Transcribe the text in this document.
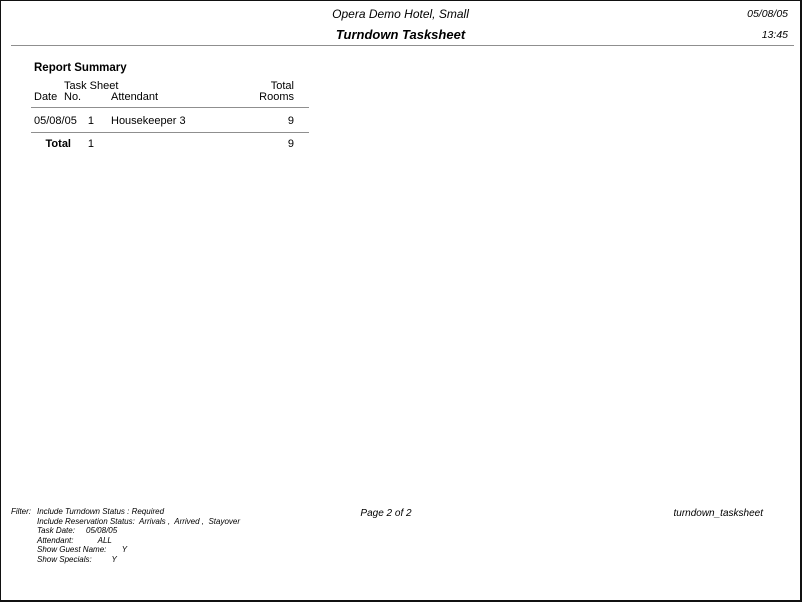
Opera Demo Hotel, Small	05/08/05
Turndown Tasksheet	13:45
Report Summary
Task Sheet	Total
Date No.	Attendant	Rooms
05/08/05	1 Housekeeper 3	9
Total	1	9
Filter: Include Turndown Status : Required
Include Reservation Status:  Arrivals ,  Arrived ,  Stayover
Task Date:     05/08/05
Attendant:           ALL
Show Guest Name:       Y
Show Specials:         Y
Page 2 of 2	turndown_tasksheet
